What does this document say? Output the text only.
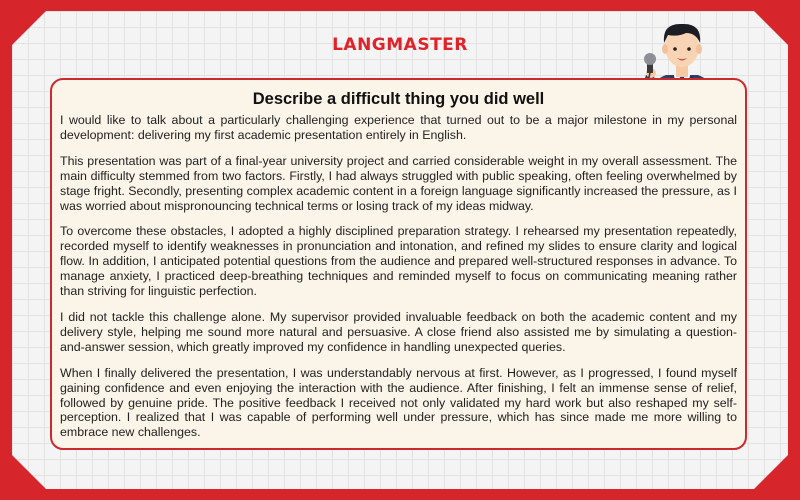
LANGMASTER
Describe a difficult thing you did well

I would like to talk about a particularly challenging experience that turned out to be a major milestone in my personal development: delivering my first academic presentation entirely in English.

This presentation was part of a final-year university project and carried considerable weight in my overall assessment. The main difficulty stemmed from two factors. Firstly, I had always struggled with public speaking, often feeling overwhelmed by stage fright. Secondly, presenting complex academic content in a foreign language significantly increased the pressure, as I was worried about mispronouncing technical terms or losing track of my ideas midway.

To overcome these obstacles, I adopted a highly disciplined preparation strategy. I rehearsed my presentation repeatedly, recorded myself to identify weaknesses in pronunciation and intonation, and refined my slides to ensure clarity and logical flow. In addition, I anticipated potential questions from the audience and prepared well-structured responses in advance. To manage anxiety, I practiced deep-breathing techniques and reminded myself to focus on communicating meaning rather than striving for linguistic perfection.

I did not tackle this challenge alone. My supervisor provided invaluable feedback on both the academic content and my delivery style, helping me sound more natural and persuasive. A close friend also assisted me by simulating a question-and-answer session, which greatly improved my confidence in handling unexpected queries.

When I finally delivered the presentation, I was understandably nervous at first. However, as I progressed, I found myself gaining confidence and even enjoying the interaction with the audience. After finishing, I felt an immense sense of relief, followed by genuine pride. The positive feedback I received not only validated my hard work but also reshaped my self-perception. I realized that I was capable of performing well under pressure, which has since made me more willing to embrace new challenges.
